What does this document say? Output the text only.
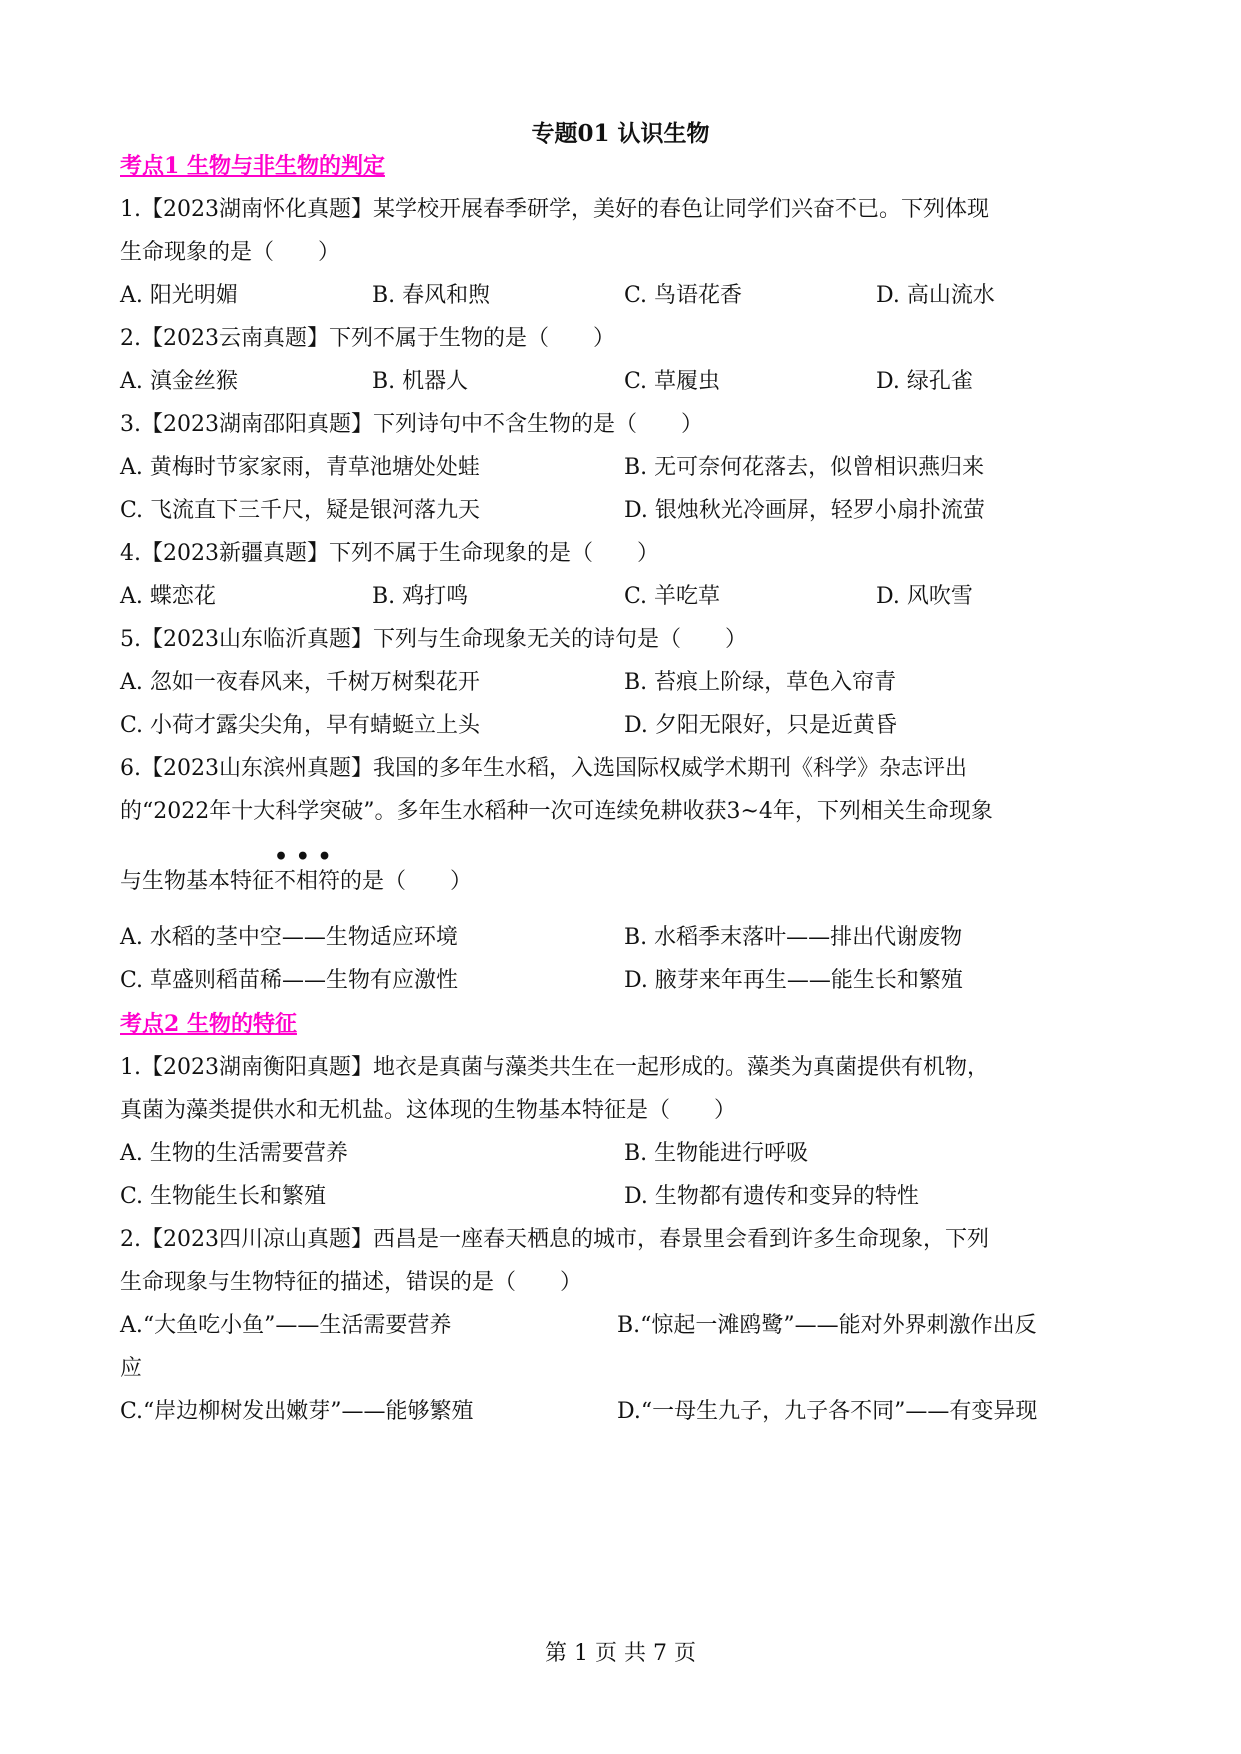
专题01 认识生物
考点1 生物与非生物的判定
1.【2023湖南怀化真题】某学校开展春季研学，美好的春色让同学们兴奋不已。下列体现
生命现象的是（　　）
A. 阳光明媚	B. 春风和煦	C. 鸟语花香	D. 高山流水
2.【2023云南真题】下列不属于生物的是（　　）
A. 滇金丝猴	B. 机器人	C. 草履虫	D. 绿孔雀
3.【2023湖南邵阳真题】下列诗句中不含生物的是（　　）
A. 黄梅时节家家雨，青草池塘处处蛙	B. 无可奈何花落去，似曾相识燕归来
C. 飞流直下三千尺，疑是银河落九天	D. 银烛秋光冷画屏，轻罗小扇扑流萤
4.【2023新疆真题】下列不属于生命现象的是（　　）
A. 蝶恋花	B. 鸡打鸣	C. 羊吃草	D. 风吹雪
5.【2023山东临沂真题】下列与生命现象无关的诗句是（　　）
A. 忽如一夜春风来，千树万树梨花开	B. 苔痕上阶绿，草色入帘青
C. 小荷才露尖尖角，早有蜻蜓立上头	D. 夕阳无限好，只是近黄昏
6.【2023山东滨州真题】我国的多年生水稻，入选国际权威学术期刊《科学》杂志评出
的“2022年十大科学突破”。多年生水稻种一次可连续免耕收获3~4年，下列相关生命现象
与生物基本特征
• • •
不相符的是（　　）
A. 水稻的茎中空——生物适应环境	B. 水稻季末落叶——排出代谢废物
C. 草盛则稻苗稀——生物有应激性	D. 腋芽来年再生——能生长和繁殖
考点2 生物的特征
1.【2023湖南衡阳真题】地衣是真菌与藻类共生在一起形成的。藻类为真菌提供有机物，
真菌为藻类提供水和无机盐。这体现的生物基本特征是（　　）
A. 生物的生活需要营养	B. 生物能进行呼吸
C. 生物能生长和繁殖	D. 生物都有遗传和变异的特性
2.【2023四川凉山真题】西昌是一座春天栖息的城市，春景里会看到许多生命现象，下列
生命现象与生物特征的描述，错误的是（　　）
A.“大鱼吃小鱼”——生活需要营养	B.“惊起一滩鸥鹭”——能对外界刺激作出反
应
C.“岸边柳树发出嫩芽”——能够繁殖	D.“一母生九子，九子各不同”——有变异现
第 1 页 共 7 页
